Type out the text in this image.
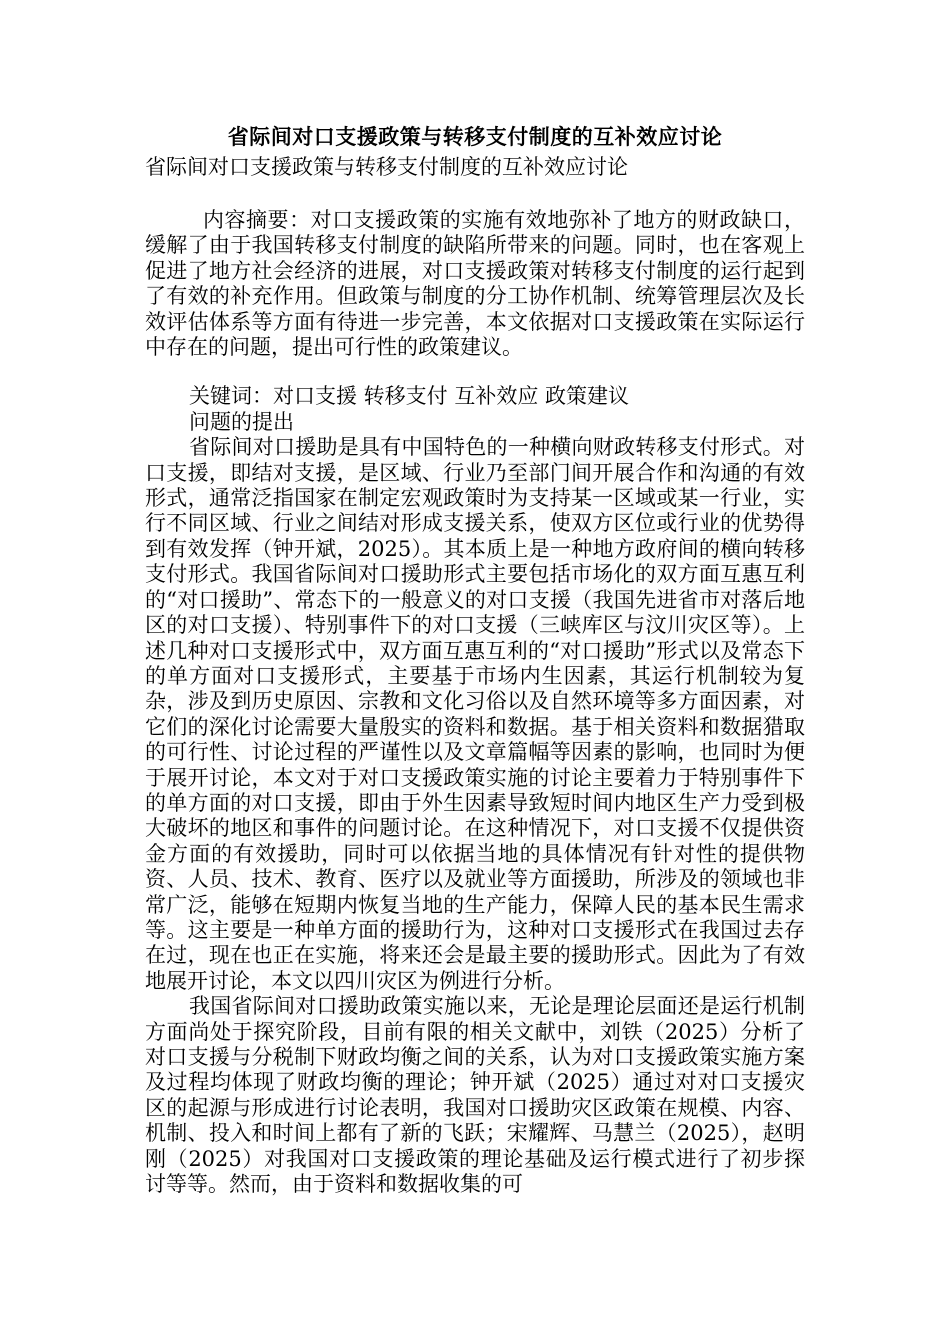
省际间对口支援政策与转移支付制度的互补效应讨论
省际间对口支援政策与转移支付制度的互补效应讨论

内容摘要：对口支援政策的实施有效地弥补了地方的财政缺口，缓解了由于我国转移支付制度的缺陷所带来的问题。同时，也在客观上促进了地方社会经济的进展，对口支援政策对转移支付制度的运行起到了有效的补充作用。但政策与制度的分工协作机制、统筹管理层次及长效评估体系等方面有待进一步完善，本文依据对口支援政策在实际运行中存在的问题，提出可行性的政策建议。

关键词：对口支援 转移支付 互补效应 政策建议

问题的提出

省际间对口援助是具有中国特色的一种横向财政转移支付形式。对口支援，即结对支援，是区域、行业乃至部门间开展合作和沟通的有效形式，通常泛指国家在制定宏观政策时为支持某一区域或某一行业，实行不同区域、行业之间结对形成支援关系，使双方区位或行业的优势得到有效发挥（钟开斌，2025）。其本质上是一种地方政府间的横向转移支付形式。我国省际间对口援助形式主要包括市场化的双方面互惠互利的“对口援助”、常态下的一般意义的对口支援（我国先进省市对落后地区的对口支援）、特别事件下的对口支援（三峡库区与汶川灾区等）。上述几种对口支援形式中，双方面互惠互利的“对口援助”形式以及常态下的单方面对口支援形式，主要基于市场内生因素，其运行机制较为复杂，涉及到历史原因、宗教和文化习俗以及自然环境等多方面因素，对它们的深化讨论需要大量殷实的资料和数据。基于相关资料和数据猎取的可行性、讨论过程的严谨性以及文章篇幅等因素的影响，也同时为便于展开讨论，本文对于对口支援政策实施的讨论主要着力于特别事件下的单方面的对口支援，即由于外生因素导致短时间内地区生产力受到极大破坏的地区和事件的问题讨论。在这种情况下，对口支援不仅提供资金方面的有效援助，同时可以依据当地的具体情况有针对性的提供物资、人员、技术、教育、医疗以及就业等方面援助，所涉及的领域也非常广泛，能够在短期内恢复当地的生产能力，保障人民的基本民生需求等。这主要是一种单方面的援助行为，这种对口支援形式在我国过去存在过，现在也正在实施，将来还会是最主要的援助形式。因此为了有效地展开讨论，本文以四川灾区为例进行分析。

我国省际间对口援助政策实施以来，无论是理论层面还是运行机制方面尚处于探究阶段，目前有限的相关文献中，刘铁（2025）分析了对口支援与分税制下财政均衡之间的关系，认为对口支援政策实施方案及过程均体现了财政均衡的理论；钟开斌（2025）通过对对口支援灾区的起源与形成进行讨论表明，我国对口援助灾区政策在规模、内容、机制、投入和时间上都有了新的飞跃；宋耀辉、马慧兰（2025），赵明刚（2025）对我国对口支援政策的理论基础及运行模式进行了初步探讨等等。然而，由于资料和数据收集的可
